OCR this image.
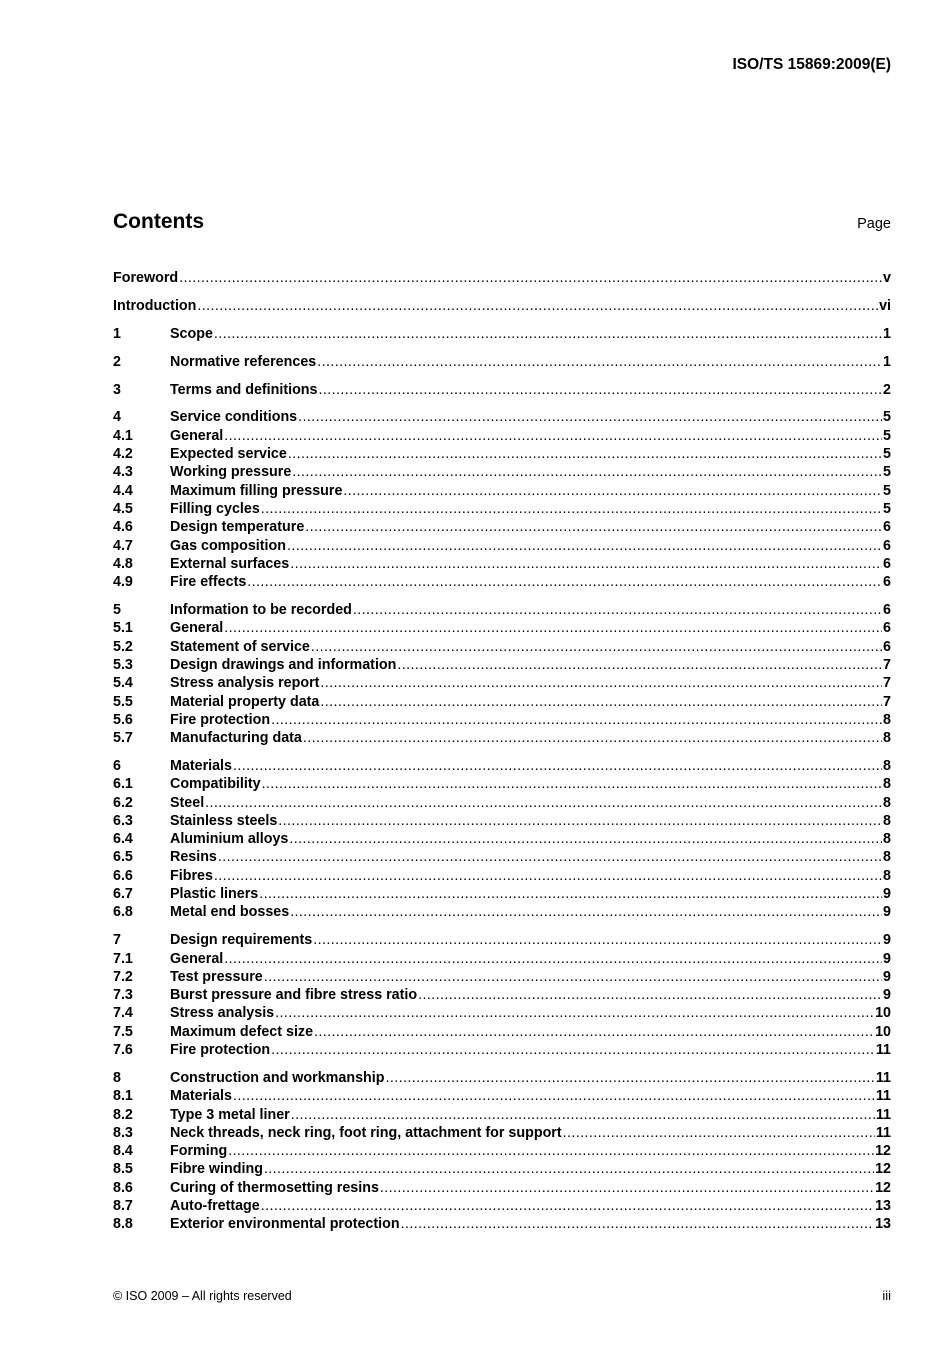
ISO/TS 15869:2009(E)
Contents	Page
Foreword .....	v
Introduction .....	vi
1	Scope .....	1
2	Normative references .....	1
3	Terms and definitions .....	2
4	Service conditions .....	5
4.1	General .....	5
4.2	Expected service .....	5
4.3	Working pressure .....	5
4.4	Maximum filling pressure .....	5
4.5	Filling cycles .....	5
4.6	Design temperature .....	6
4.7	Gas composition .....	6
4.8	External surfaces .....	6
4.9	Fire effects .....	6
5	Information to be recorded .....	6
5.1	General .....	6
5.2	Statement of service .....	6
5.3	Design drawings and information .....	7
5.4	Stress analysis report .....	7
5.5	Material property data .....	7
5.6	Fire protection .....	8
5.7	Manufacturing data .....	8
6	Materials .....	8
6.1	Compatibility .....	8
6.2	Steel .....	8
6.3	Stainless steels .....	8
6.4	Aluminium alloys .....	8
6.5	Resins .....	8
6.6	Fibres .....	8
6.7	Plastic liners .....	9
6.8	Metal end bosses .....	9
7	Design requirements .....	9
7.1	General .....	9
7.2	Test pressure .....	9
7.3	Burst pressure and fibre stress ratio .....	9
7.4	Stress analysis .....	10
7.5	Maximum defect size .....	10
7.6	Fire protection .....	11
8	Construction and workmanship .....	11
8.1	Materials .....	11
8.2	Type 3 metal liner .....	11
8.3	Neck threads, neck ring, foot ring, attachment for support .....	11
8.4	Forming .....	12
8.5	Fibre winding .....	12
8.6	Curing of thermosetting resins .....	12
8.7	Auto-frettage .....	13
8.8	Exterior environmental protection .....	13
© ISO 2009 – All rights reserved	iii
